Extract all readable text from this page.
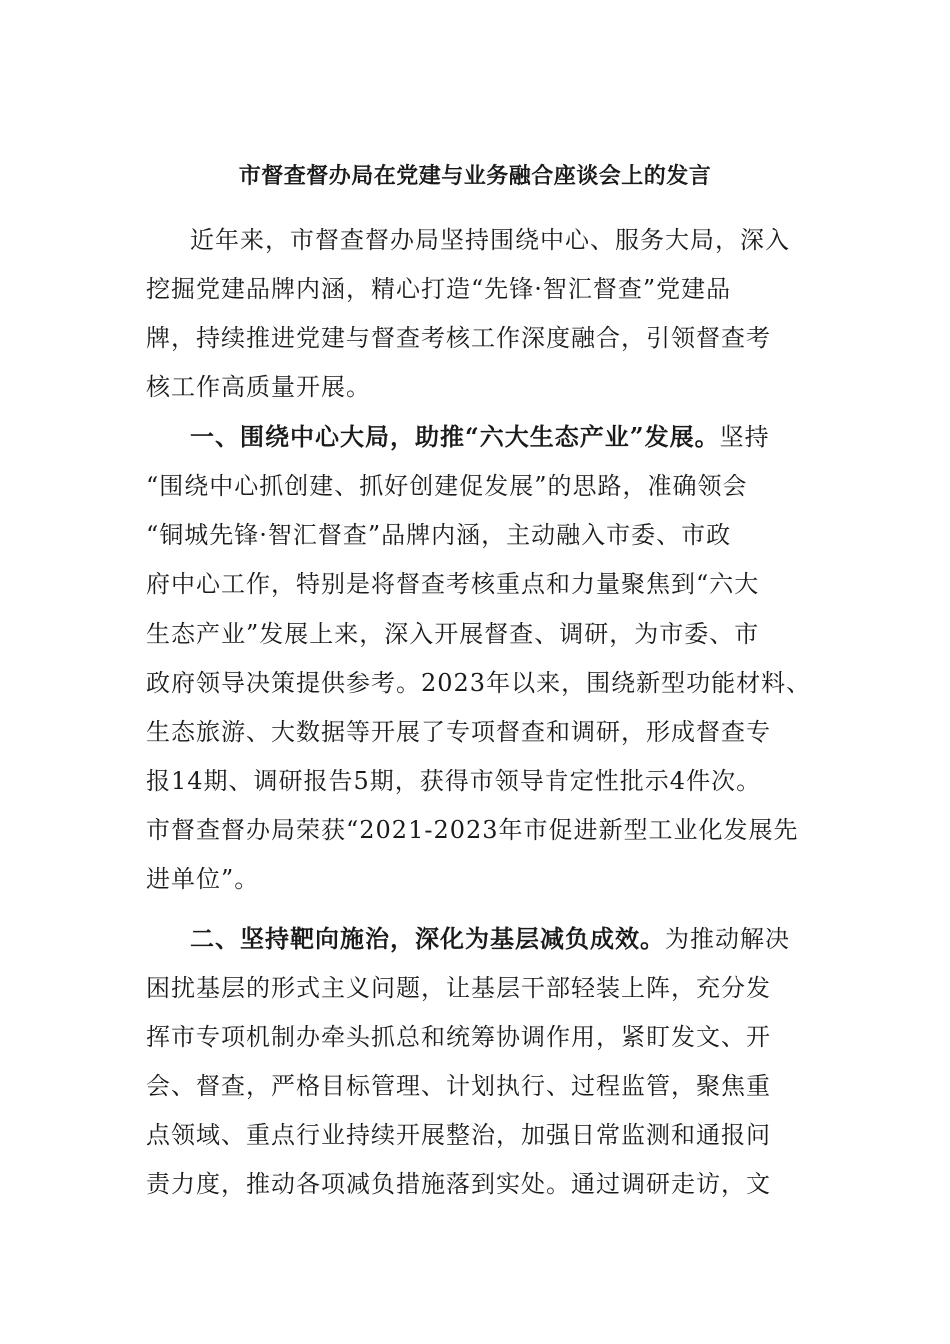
市督查督办局在党建与业务融合座谈会上的发言
近年来，市督查督办局坚持围绕中心、服务大局，深入
挖掘党建品牌内涵，精心打造“先锋·智汇督查”党建品
牌，持续推进党建与督查考核工作深度融合，引领督查考
核工作高质量开展。
一、围绕中心大局，助推“六大生态产业”发展。坚持
“围绕中心抓创建、抓好创建促发展”的思路，准确领会
“铜城先锋·智汇督查”品牌内涵，主动融入市委、市政
府中心工作，特别是将督查考核重点和力量聚焦到“六大
生态产业”发展上来，深入开展督查、调研，为市委、市
政府领导决策提供参考。2023年以来，围绕新型功能材料、
生态旅游、大数据等开展了专项督查和调研，形成督查专
报14期、调研报告5期，获得市领导肯定性批示4件次。
市督查督办局荣获“2021-2023年市促进新型工业化发展先
进单位”。
二、坚持靶向施治，深化为基层减负成效。为推动解决
困扰基层的形式主义问题，让基层干部轻装上阵，充分发
挥市专项机制办牵头抓总和统筹协调作用，紧盯发文、开
会、督查，严格目标管理、计划执行、过程监管，聚焦重
点领域、重点行业持续开展整治，加强日常监测和通报问
责力度，推动各项减负措施落到实处。通过调研走访，文
